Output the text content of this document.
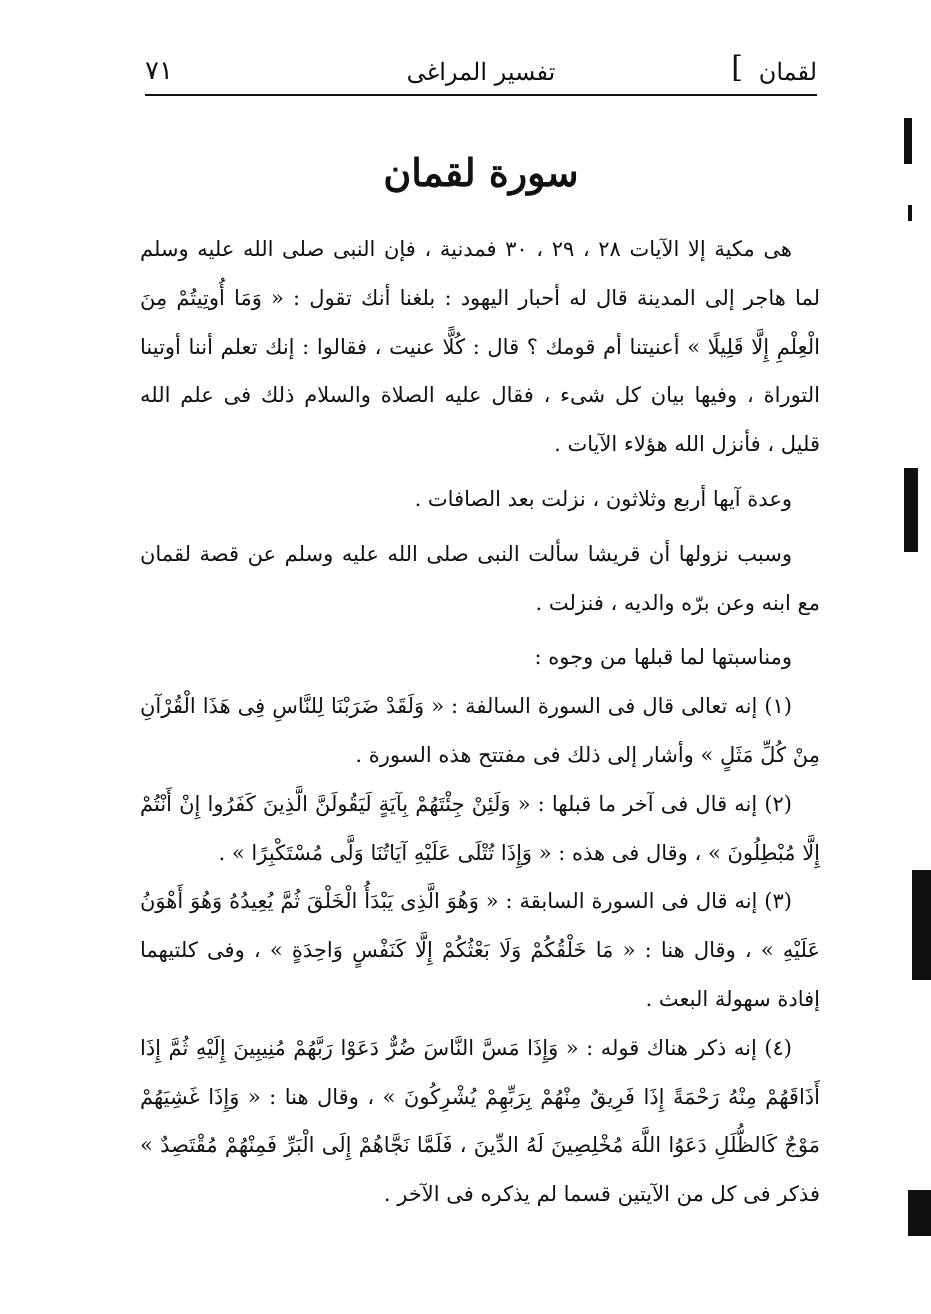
لقمان
]
تفسير المراغى
٧١
سورة لقمان

هى مكية إلا الآيات ٢٨ ، ٢٩ ، ٣٠ فمدنية ، فإن النبى صلى الله عليه وسلم لما هاجر إلى المدينة قال له أحبار اليهود : بلغنا أنك تقول : « وَمَا أُوتِيتُمْ مِنَ الْعِلْمِ إِلَّا قَلِيلًا » أعنيتنا أم قومك ؟ قال : كُلًّا عنيت ، فقالوا : إنك تعلم أننا أوتينا التوراة ، وفيها بيان كل شىء ، فقال عليه الصلاة والسلام ذلك فى علم الله قليل ، فأنزل الله هؤلاء الآيات .

وعدة آيها أربع وثلاثون ، نزلت بعد الصافات .

وسبب نزولها أن قريشا سألت النبى صلى الله عليه وسلم عن قصة لقمان مع ابنه وعن برّه والديه ، فنزلت .

ومناسبتها لما قبلها من وجوه :

(١) إنه تعالى قال فى السورة السالفة : « وَلَقَدْ ضَرَبْنَا لِلنَّاسِ فِى هَذَا الْقُرْآنِ مِنْ كُلِّ مَثَلٍ » وأشار إلى ذلك فى مفتتح هذه السورة .

(٢) إنه قال فى آخر ما قبلها : « وَلَئِنْ جِئْتَهُمْ بِآيَةٍ لَيَقُولَنَّ الَّذِينَ كَفَرُوا إِنْ أَنْتُمْ إِلَّا مُبْطِلُونَ » ، وقال فى هذه : « وَإِذَا تُتْلَى عَلَيْهِ آيَاتُنَا وَلَّى مُسْتَكْبِرًا » .

(٣) إنه قال فى السورة السابقة : « وَهُوَ الَّذِى يَبْدَأُ الْخَلْقَ ثُمَّ يُعِيدُهُ وَهُوَ أَهْوَنُ عَلَيْهِ » ، وقال هنا : « مَا خَلْقُكُمْ وَلَا بَعْثُكُمْ إِلَّا كَنَفْسٍ وَاحِدَةٍ » ، وفى كلتيهما إفادة سهولة البعث .

(٤) إنه ذكر هناك قوله : « وَإِذَا مَسَّ النَّاسَ ضُرٌّ دَعَوْا رَبَّهُمْ مُنِيبِينَ إِلَيْهِ ثُمَّ إِذَا أَذَاقَهُمْ مِنْهُ رَحْمَةً إِذَا فَرِيقٌ مِنْهُمْ بِرَبِّهِمْ يُشْرِكُونَ » ، وقال هنا : « وَإِذَا غَشِيَهُمْ مَوْجٌ كَالظُّلَلِ دَعَوُا اللَّهَ مُخْلِصِينَ لَهُ الدِّينَ ، فَلَمَّا نَجَّاهُمْ إِلَى الْبَرِّ فَمِنْهُمْ مُقْتَصِدٌ » فذكر فى كل من الآيتين قسما لم يذكره فى الآخر .
